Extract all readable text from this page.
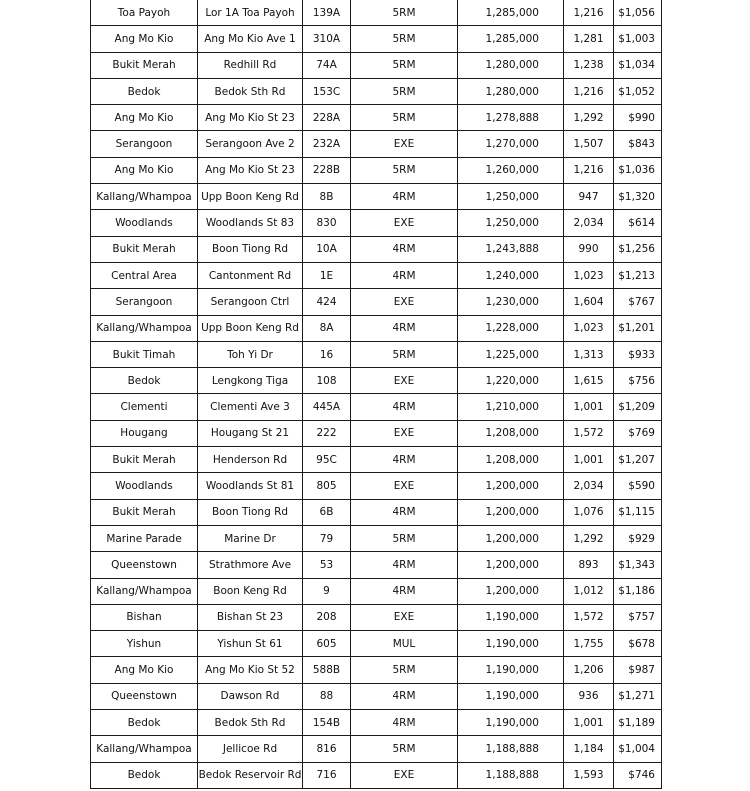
Toa Payoh	Lor 1A Toa Payoh	139A	5RM	1,285,000	1,216	$1,056
Ang Mo Kio	Ang Mo Kio Ave 1	310A	5RM	1,285,000	1,281	$1,003
Bukit Merah	Redhill Rd	74A	5RM	1,280,000	1,238	$1,034
Bedok	Bedok Sth Rd	153C	5RM	1,280,000	1,216	$1,052
Ang Mo Kio	Ang Mo Kio St 23	228A	5RM	1,278,888	1,292	$990
Serangoon	Serangoon Ave 2	232A	EXE	1,270,000	1,507	$843
Ang Mo Kio	Ang Mo Kio St 23	228B	5RM	1,260,000	1,216	$1,036
Kallang/Whampoa	Upp Boon Keng Rd	8B	4RM	1,250,000	947	$1,320
Woodlands	Woodlands St 83	830	EXE	1,250,000	2,034	$614
Bukit Merah	Boon Tiong Rd	10A	4RM	1,243,888	990	$1,256
Central Area	Cantonment Rd	1E	4RM	1,240,000	1,023	$1,213
Serangoon	Serangoon Ctrl	424	EXE	1,230,000	1,604	$767
Kallang/Whampoa	Upp Boon Keng Rd	8A	4RM	1,228,000	1,023	$1,201
Bukit Timah	Toh Yi Dr	16	5RM	1,225,000	1,313	$933
Bedok	Lengkong Tiga	108	EXE	1,220,000	1,615	$756
Clementi	Clementi Ave 3	445A	4RM	1,210,000	1,001	$1,209
Hougang	Hougang St 21	222	EXE	1,208,000	1,572	$769
Bukit Merah	Henderson Rd	95C	4RM	1,208,000	1,001	$1,207
Woodlands	Woodlands St 81	805	EXE	1,200,000	2,034	$590
Bukit Merah	Boon Tiong Rd	6B	4RM	1,200,000	1,076	$1,115
Marine Parade	Marine Dr	79	5RM	1,200,000	1,292	$929
Queenstown	Strathmore Ave	53	4RM	1,200,000	893	$1,343
Kallang/Whampoa	Boon Keng Rd	9	4RM	1,200,000	1,012	$1,186
Bishan	Bishan St 23	208	EXE	1,190,000	1,572	$757
Yishun	Yishun St 61	605	MUL	1,190,000	1,755	$678
Ang Mo Kio	Ang Mo Kio St 52	588B	5RM	1,190,000	1,206	$987
Queenstown	Dawson Rd	88	4RM	1,190,000	936	$1,271
Bedok	Bedok Sth Rd	154B	4RM	1,190,000	1,001	$1,189
Kallang/Whampoa	Jellicoe Rd	816	5RM	1,188,888	1,184	$1,004
Bedok	Bedok Reservoir Rd	716	EXE	1,188,888	1,593	$746
